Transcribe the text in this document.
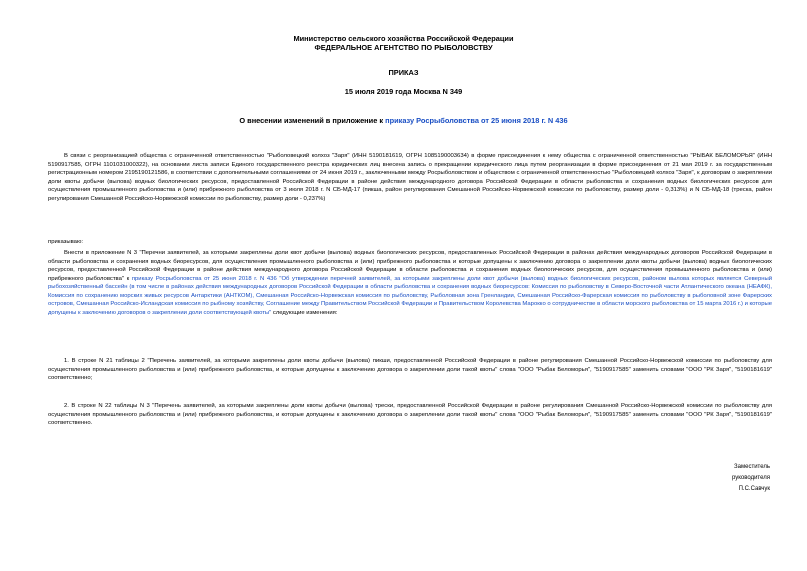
Министерство сельского хозяйства Российской Федерации
ФЕДЕРАЛЬНОЕ АГЕНТСТВО ПО РЫБОЛОВСТВУ
ПРИКАЗ
15 июля 2019 года Москва N 349
О внесении изменений в приложение к приказу Росрыболовства от 25 июня 2018 г. N 436

В связи с реорганизацией общества с ограниченной ответственностью "Рыболовецкий колхоз "Заря" (ИНН 5190181619, ОГРН 1085190003634) в форме присоединения к нему общества с ограниченной ответственностью "РЫБАК БЕЛОМОРЬЯ" (ИНН 5190917585, ОГРН 1101031000322), на основании листа записи Единого государственного реестра юридических лиц внесена запись о прекращении юридического лица путем реорганизации в форме присоединения от 21 мая 2019 г. за государственным регистрационным номером 2195190121586, в соответствии с дополнительными соглашениями от 24 июня 2019 г., заключенными между Росрыболовством и обществом с ограниченной ответственностью "Рыболовецкий колхоз "Заря", к договорам о закреплении доли квоты добычи (вылова) водных биологических ресурсов, предоставленной Российской Федерации в районе действия международного договора Российской Федерации в области рыболовства и сохранения водных биологических ресурсов для осуществления промышленного рыболовства и (или) прибрежного рыболовства от 3 июля 2018 г. N СБ-МД-17 (пикша, район регулирования Смешанной Российско-Норвежской комиссии по рыболовству, размер доли - 0,313%) и N СБ-МД-18 (треска, район регулирования Смешанной Российско-Норвежской комиссии по рыболовству, размер доли - 0,237%)

приказываю:

Внести в приложение N 3 "Перечни заявителей, за которыми закреплены доли квот добычи (вылова) водных биологических ресурсов, предоставленных Российской Федерации в районах действия международных договоров Российской Федерации в области рыболовства и сохранения водных биоресурсов, для осуществления промышленного рыболовства и (или) прибрежного рыболовства и которые допущены к заключению договора о закреплении доли квоты добычи (вылова) водных биологических ресурсов, предоставленной Российской Федерации в районе действия международного договора Российской Федерации в области рыболовства и сохранения водных биологических ресурсов, для осуществления промышленного рыболовства и (или) прибрежного рыболовства" к приказу Росрыболовства от 25 июня 2018 г. N 436 "Об утверждении перечней заявителей, за которыми закреплены доли квот добычи (вылова) водных биологических ресурсов, районом вылова которых является Северный рыбохозяйственный бассейн (в том числе в районах действия международных договоров Российской Федерации в области рыболовства и сохранения водных биоресурсов: Комиссия по рыболовству в Северо-Восточной части Атлантического океана (НЕАФК), Комиссия по сохранению морских живых ресурсов Антарктики (АНТКОМ), Смешанная Российско-Норвежская комиссия по рыболовству, Рыболовная зона Гренландии, Смешанная Российско-Фарерская комиссия по рыболовству в рыболовной зоне Фарерских островов, Смешанная Российско-Исландская комиссия по рыбному хозяйству, Соглашение между Правительством Российской Федерации и Правительством Королевства Марокко о сотрудничестве в области морского рыболовства от 15 марта 2016 г.) и которые допущены к заключению договоров о закреплении доли соответствующей квоты" следующие изменения:

1. В строке N 21 таблицы 2 "Перечень заявителей, за которыми закреплены доли квоты добычи (вылова) пикши, предоставленной Российской Федерации в районе регулирования Смешанной Российско-Норвежской комиссии по рыболовству для осуществления промышленного рыболовства и (или) прибрежного рыболовства, и которые допущены к заключению договора о закреплении доли такой квоты" слова "ООО "Рыбак Беломорья", "5190917585" заменить словами "ООО "РК Заря", "5190181619" соответственно;

2. В строке N 22 таблицы N 3 "Перечень заявителей, за которыми закреплены доли квоты добычи (вылова) трески, предоставленной Российской Федерации в районе регулирования Смешанной Российско-Норвежской комиссии по рыболовству для осуществления промышленного рыболовства и (или) прибрежного рыболовства, и которые допущены к заключению договора о закреплении доли такой квоты" слова "ООО "Рыбак Беломорья", "5190917585" заменить словами "ООО "РК Заря", "5190181619" соответственно.

Заместитель
руководителя
П.С.Савчук
